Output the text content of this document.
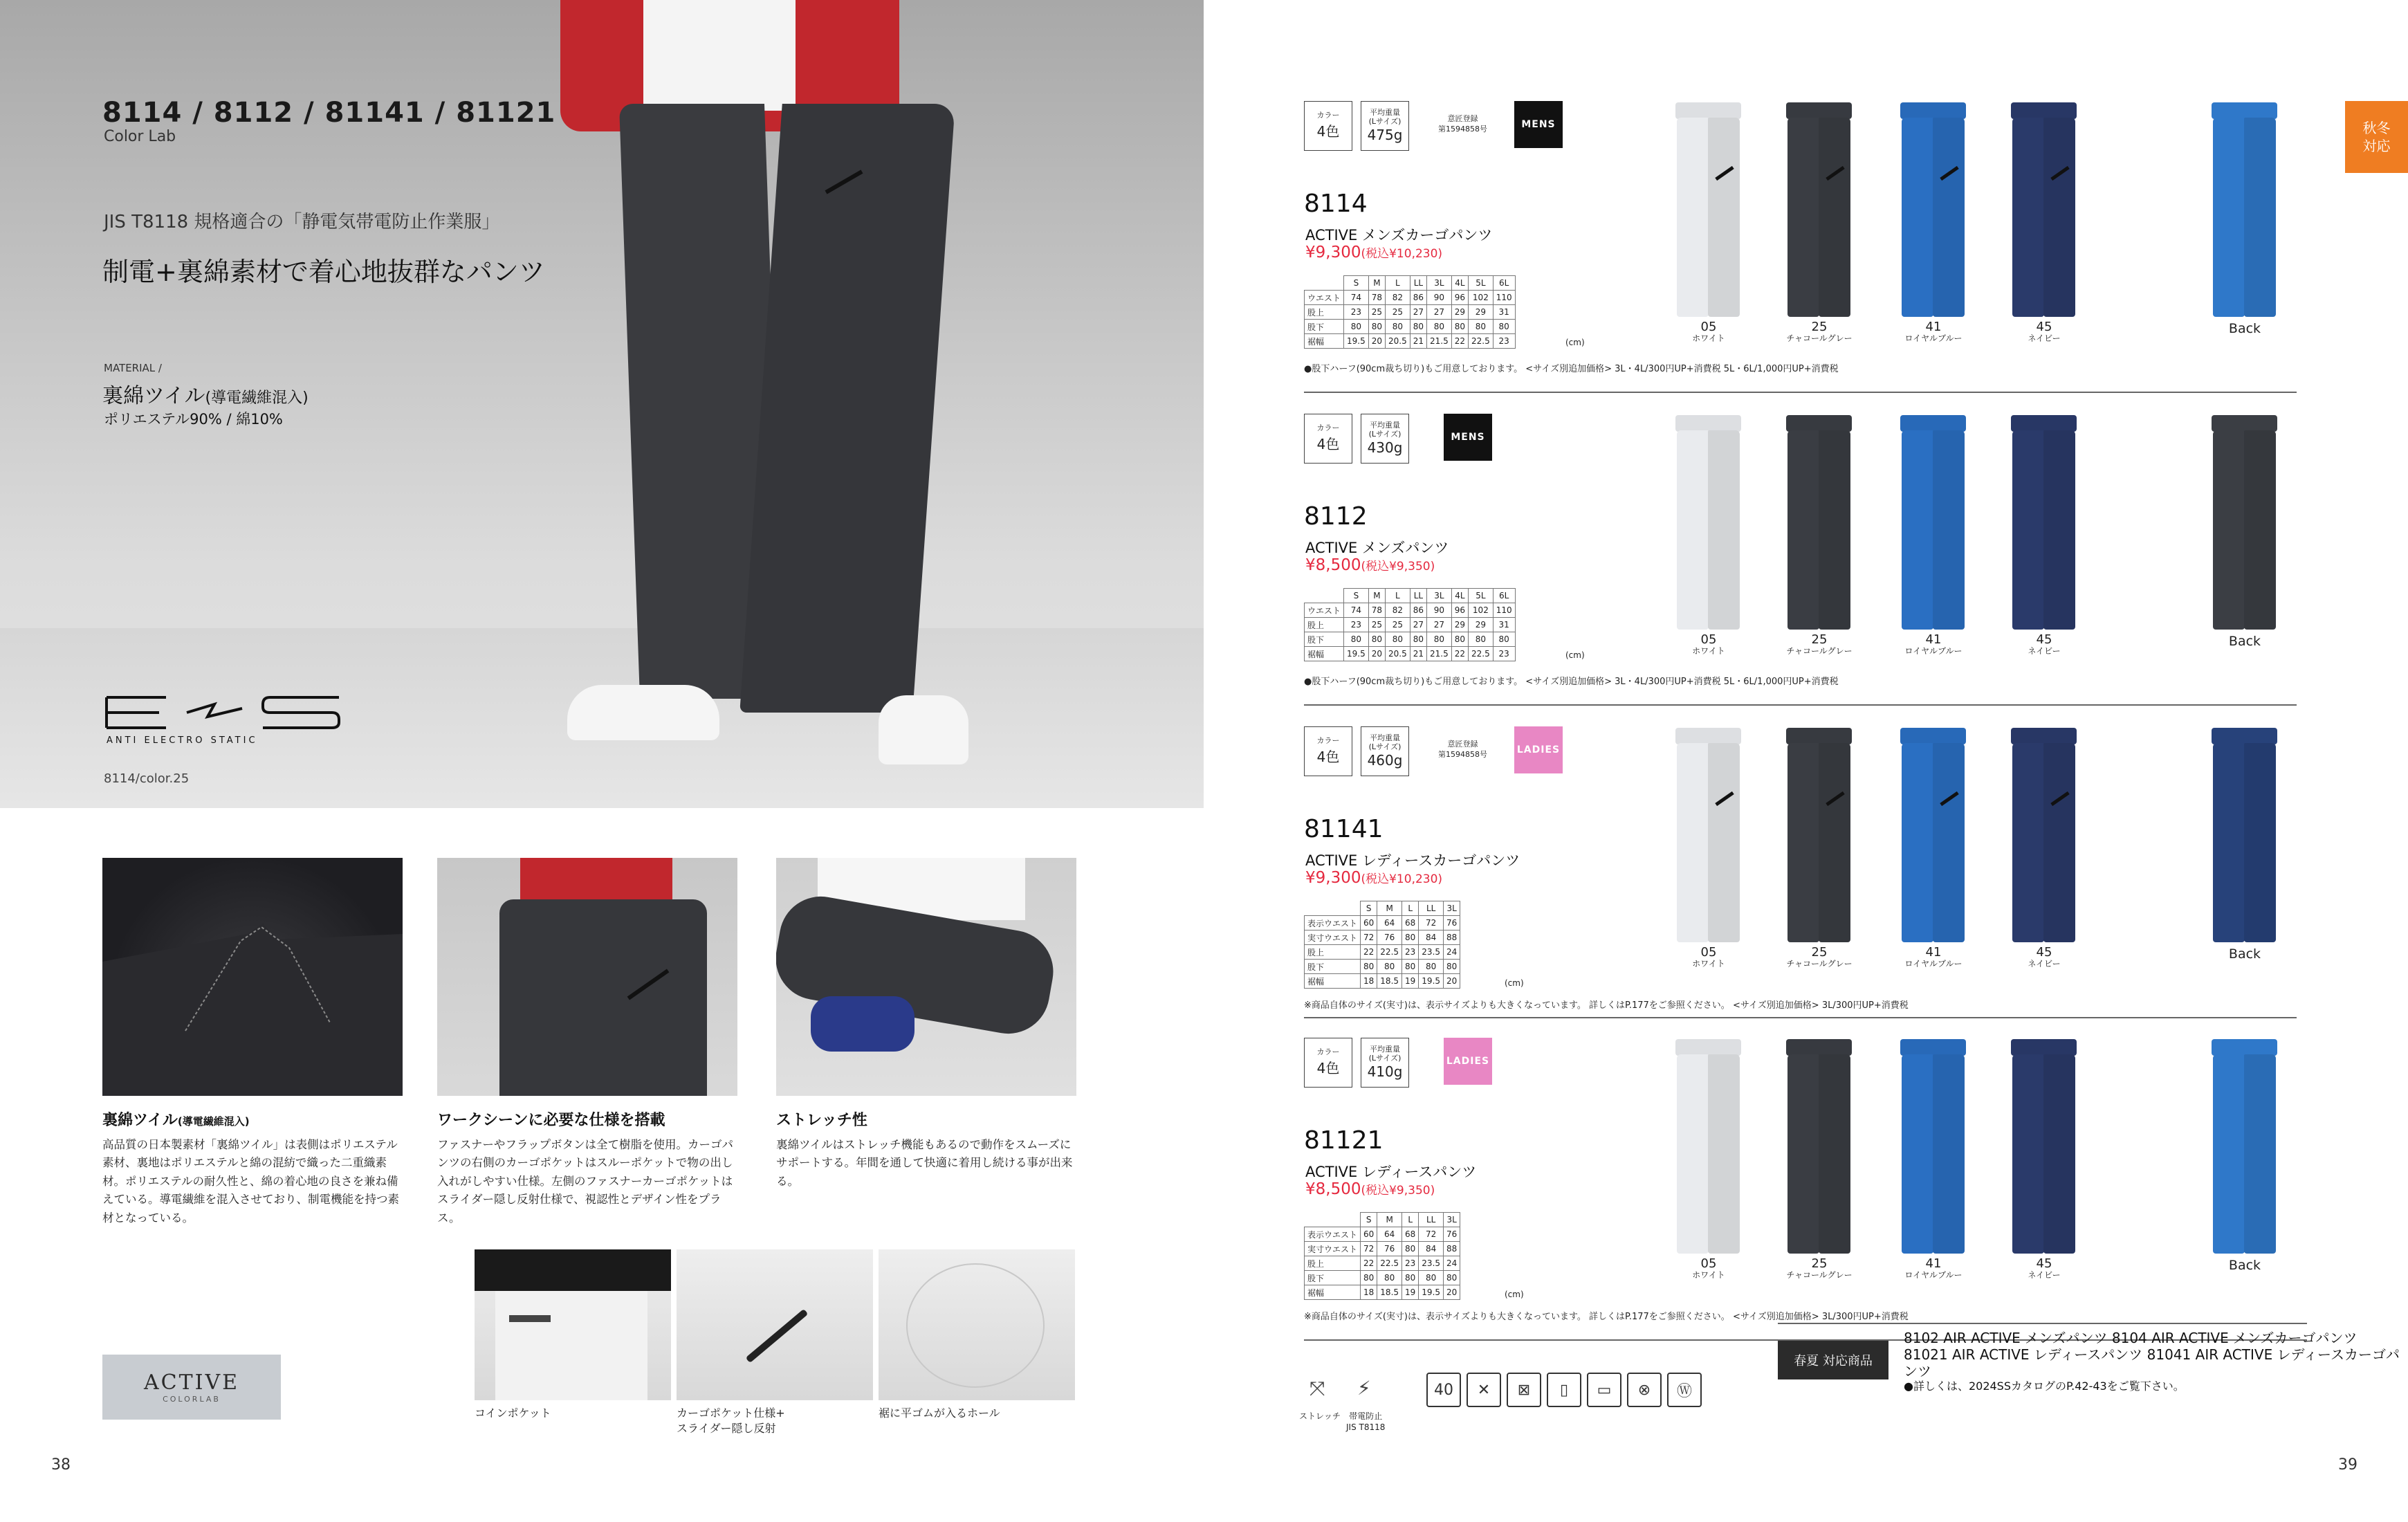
8114 / 8112 / 81141 / 81121
Color Lab
JIS T8118 規格適合の「静電気帯電防止作業服」
制電+裏綿素材で着心地抜群なパンツ
MATERIAL /
裏綿ツイル(導電繊維混入)
ポリエステル90% / 綿10%
ANTI ELECTRO STATIC
8114/color.25
裏綿ツイル(導電繊維混入)
高品質の日本製素材「裏綿ツイル」は表側はポリエステル素材、裏地はポリエステルと綿の混紡で織った二重織素材。ポリエステルの耐久性と、綿の着心地の良さを兼ね備えている。導電繊維を混入させており、制電機能を持つ素材となっている。
ワークシーンに必要な仕様を搭載
ファスナーやフラップボタンは全て樹脂を使用。カーゴパンツの右側のカーゴポケットはスルーポケットで物の出し入れがしやすい仕様。左側のファスナーカーゴポケットはスライダー隠し反射仕様で、視認性とデザイン性をプラス。
ストレッチ性
裏綿ツイルはストレッチ機能もあるので動作をスムーズにサポートする。年間を通して快適に着用し続ける事が出来る。
コインポケット	カーゴポケット仕様+
スライダー隠し反射
裾に平ゴムが入るホール
ACTIVE
COLORLAB
38
秋冬
対応
カラー
4色
平均重量
(Lサイズ)
475g
意匠登録
第1594858号	MENS
8114
ACTIVE メンズカーゴパンツ
¥9,300(税込¥10,230)
	S	M	L	LL	3L	4L	5L	6L
ウエスト	74	78	82	86	90	96	102	110
股上	23	25	25	27	27	29	29	31
股下	80	80	80	80	80	80	80	80
裾幅	19.5	20	20.5	21	21.5	22	22.5	23	(cm)
●股下ハーフ(90cm裁ち切り)もご用意しております。 <サイズ別追加価格> 3L・4L/300円UP+消費税 5L・6L/1,000円UP+消費税
05
ホワイト
25
チャコールグレー
41
ロイヤルブルー
45
ネイビー
Back
カラー
4色
平均重量
(Lサイズ)
430g
MENS
8112
ACTIVE メンズパンツ
¥8,500(税込¥9,350)
	S	M	L	LL	3L	4L	5L	6L
ウエスト	74	78	82	86	90	96	102	110
股上	23	25	25	27	27	29	29	31
股下	80	80	80	80	80	80	80	80
裾幅	19.5	20	20.5	21	21.5	22	22.5	23	(cm)
●股下ハーフ(90cm裁ち切り)もご用意しております。 <サイズ別追加価格> 3L・4L/300円UP+消費税 5L・6L/1,000円UP+消費税
05
ホワイト
25
チャコールグレー
41
ロイヤルブルー
45
ネイビー
Back
カラー
4色
平均重量
(Lサイズ)
460g
意匠登録
第1594858号	LADIES
81141
ACTIVE レディースカーゴパンツ
¥9,300(税込¥10,230)
	S	M	L	LL	3L
表示ウエスト	60	64	68	72	76
実寸ウエスト	72	76	80	84	88
股上	22	22.5	23	23.5	24
股下	80	80	80	80	80
裾幅	18	18.5	19	19.5	20	(cm)
※商品自体のサイズ(実寸)は、表示サイズよりも大きくなっています。 詳しくはP.177をご参照ください。 <サイズ別追加価格> 3L/300円UP+消費税
05
ホワイト
25
チャコールグレー
41
ロイヤルブルー
45
ネイビー
Back
カラー
4色
平均重量
(Lサイズ)
410g
LADIES
81121
ACTIVE レディースパンツ
¥8,500(税込¥9,350)
	S	M	L	LL	3L
表示ウエスト	60	64	68	72	76
実寸ウエスト	72	76	80	84	88
股上	22	22.5	23	23.5	24
股下	80	80	80	80	80
裾幅	18	18.5	19	19.5	20	(cm)
※商品自体のサイズ(実寸)は、表示サイズよりも大きくなっています。 詳しくはP.177をご参照ください。 <サイズ別追加価格> 3L/300円UP+消費税
05
ホワイト
25
チャコールグレー
41
ロイヤルブルー
45
ネイビー
Back
⤧
ストレッチ
⚡
帯電防止
JIS T8118
40	✕	⊠	▯	▭	⊗	Ⓦ
春夏 対応商品
8102 AIR ACTIVE メンズパンツ 8104 AIR ACTIVE メンズカーゴパンツ
81021 AIR ACTIVE レディースパンツ 81041 AIR ACTIVE レディースカーゴパンツ
●詳しくは、2024SSカタログのP.42-43をご覧下さい。
39
